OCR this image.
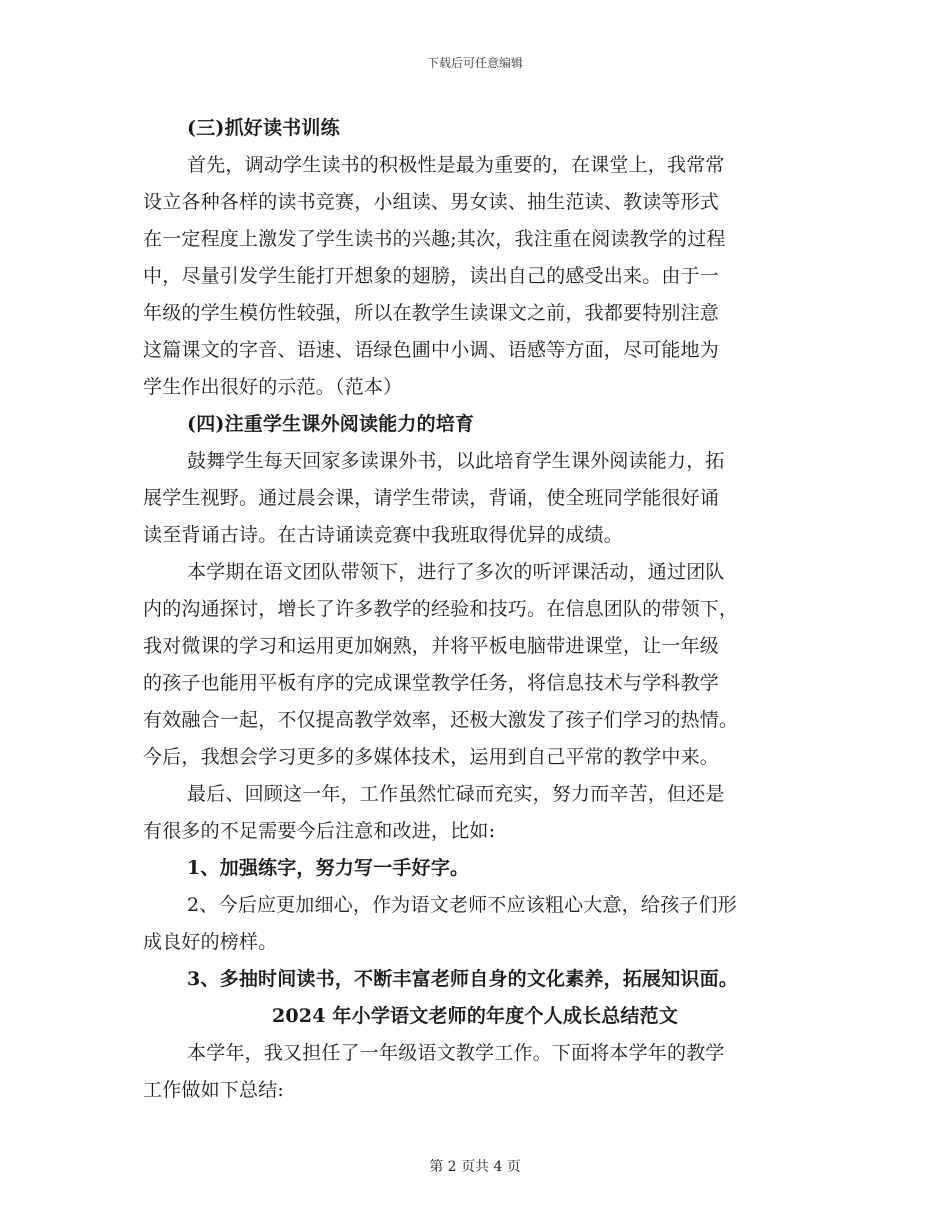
下载后可任意编辑
(三)抓好读书训练
首先，调动学生读书的积极性是最为重要的，在课堂上，我常常
设立各种各样的读书竞赛，小组读、男女读、抽生范读、教读等形式
在一定程度上激发了学生读书的兴趣;其次，我注重在阅读教学的过程
中，尽量引发学生能打开想象的翅膀，读出自己的感受出来。由于一
年级的学生模仿性较强，所以在教学生读课文之前，我都要特别注意
这篇课文的字音、语速、语绿色圃中小调、语感等方面，尽可能地为
学生作出很好的示范。（范本）
(四)注重学生课外阅读能力的培育
鼓舞学生每天回家多读课外书，以此培育学生课外阅读能力，拓
展学生视野。通过晨会课，请学生带读，背诵，使全班同学能很好诵
读至背诵古诗。在古诗诵读竞赛中我班取得优异的成绩。
本学期在语文团队带领下，进行了多次的听评课活动，通过团队
内的沟通探讨，增长了许多教学的经验和技巧。在信息团队的带领下，
我对微课的学习和运用更加娴熟，并将平板电脑带进课堂，让一年级
的孩子也能用平板有序的完成课堂教学任务，将信息技术与学科教学
有效融合一起，不仅提高教学效率，还极大激发了孩子们学习的热情。
今后，我想会学习更多的多媒体技术，运用到自己平常的教学中来。
最后、回顾这一年，工作虽然忙碌而充实，努力而辛苦，但还是
有很多的不足需要今后注意和改进，比如:
1、加强练字，努力写一手好字。
2、今后应更加细心，作为语文老师不应该粗心大意，给孩子们形
成良好的榜样。
3、多抽时间读书，不断丰富老师自身的文化素养，拓展知识面。
2024 年小学语文老师的年度个人成长总结范文
本学年，我又担任了一年级语文教学工作。下面将本学年的教学
工作做如下总结:
第 2 页共 4 页
